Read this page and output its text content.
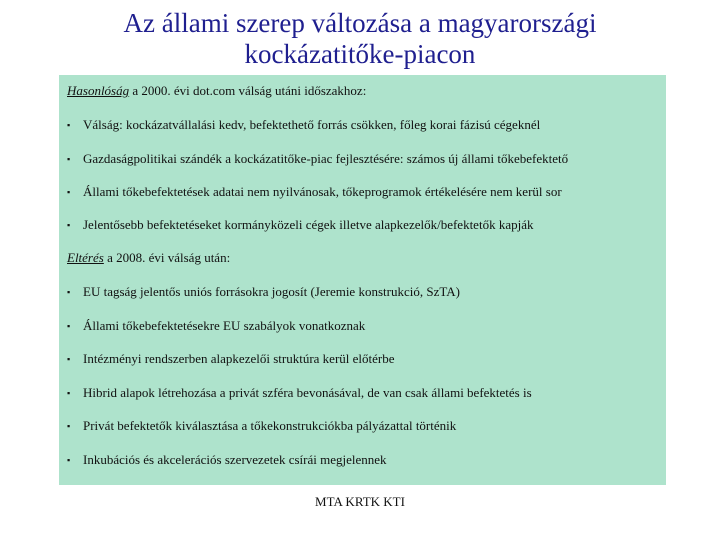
Az állami szerep változása a magyarországi
kockázatitőke-piacon
Hasonlóság a 2000. évi dot.com válság utáni időszakhoz:
▪ Válság: kockázatvállalási kedv, befektethető forrás csökken, főleg korai fázisú cégeknél
▪ Gazdaságpolitikai szándék a kockázatitőke-piac fejlesztésére: számos új állami tőkebefektető
▪ Állami tőkebefektetések adatai nem nyilvánosak, tőkeprogramok értékelésére nem kerül sor
▪ Jelentősebb befektetéseket kormányközeli cégek illetve alapkezelők/befektetők kapják
Eltérés a 2008. évi válság után:
▪ EU tagság jelentős uniós forrásokra jogosít (Jeremie konstrukció, SzTA)
▪ Állami tőkebefektetésekre EU szabályok vonatkoznak
▪ Intézményi rendszerben alapkezelői struktúra kerül előtérbe
▪ Hibrid alapok létrehozása a privát szféra bevonásával, de van csak állami befektetés is
▪ Privát befektetők kiválasztása a tőkekonstrukciókba pályázattal történik
▪ Inkubációs és akcelerációs szervezetek csírái megjelennek
MTA KRTK KTI
